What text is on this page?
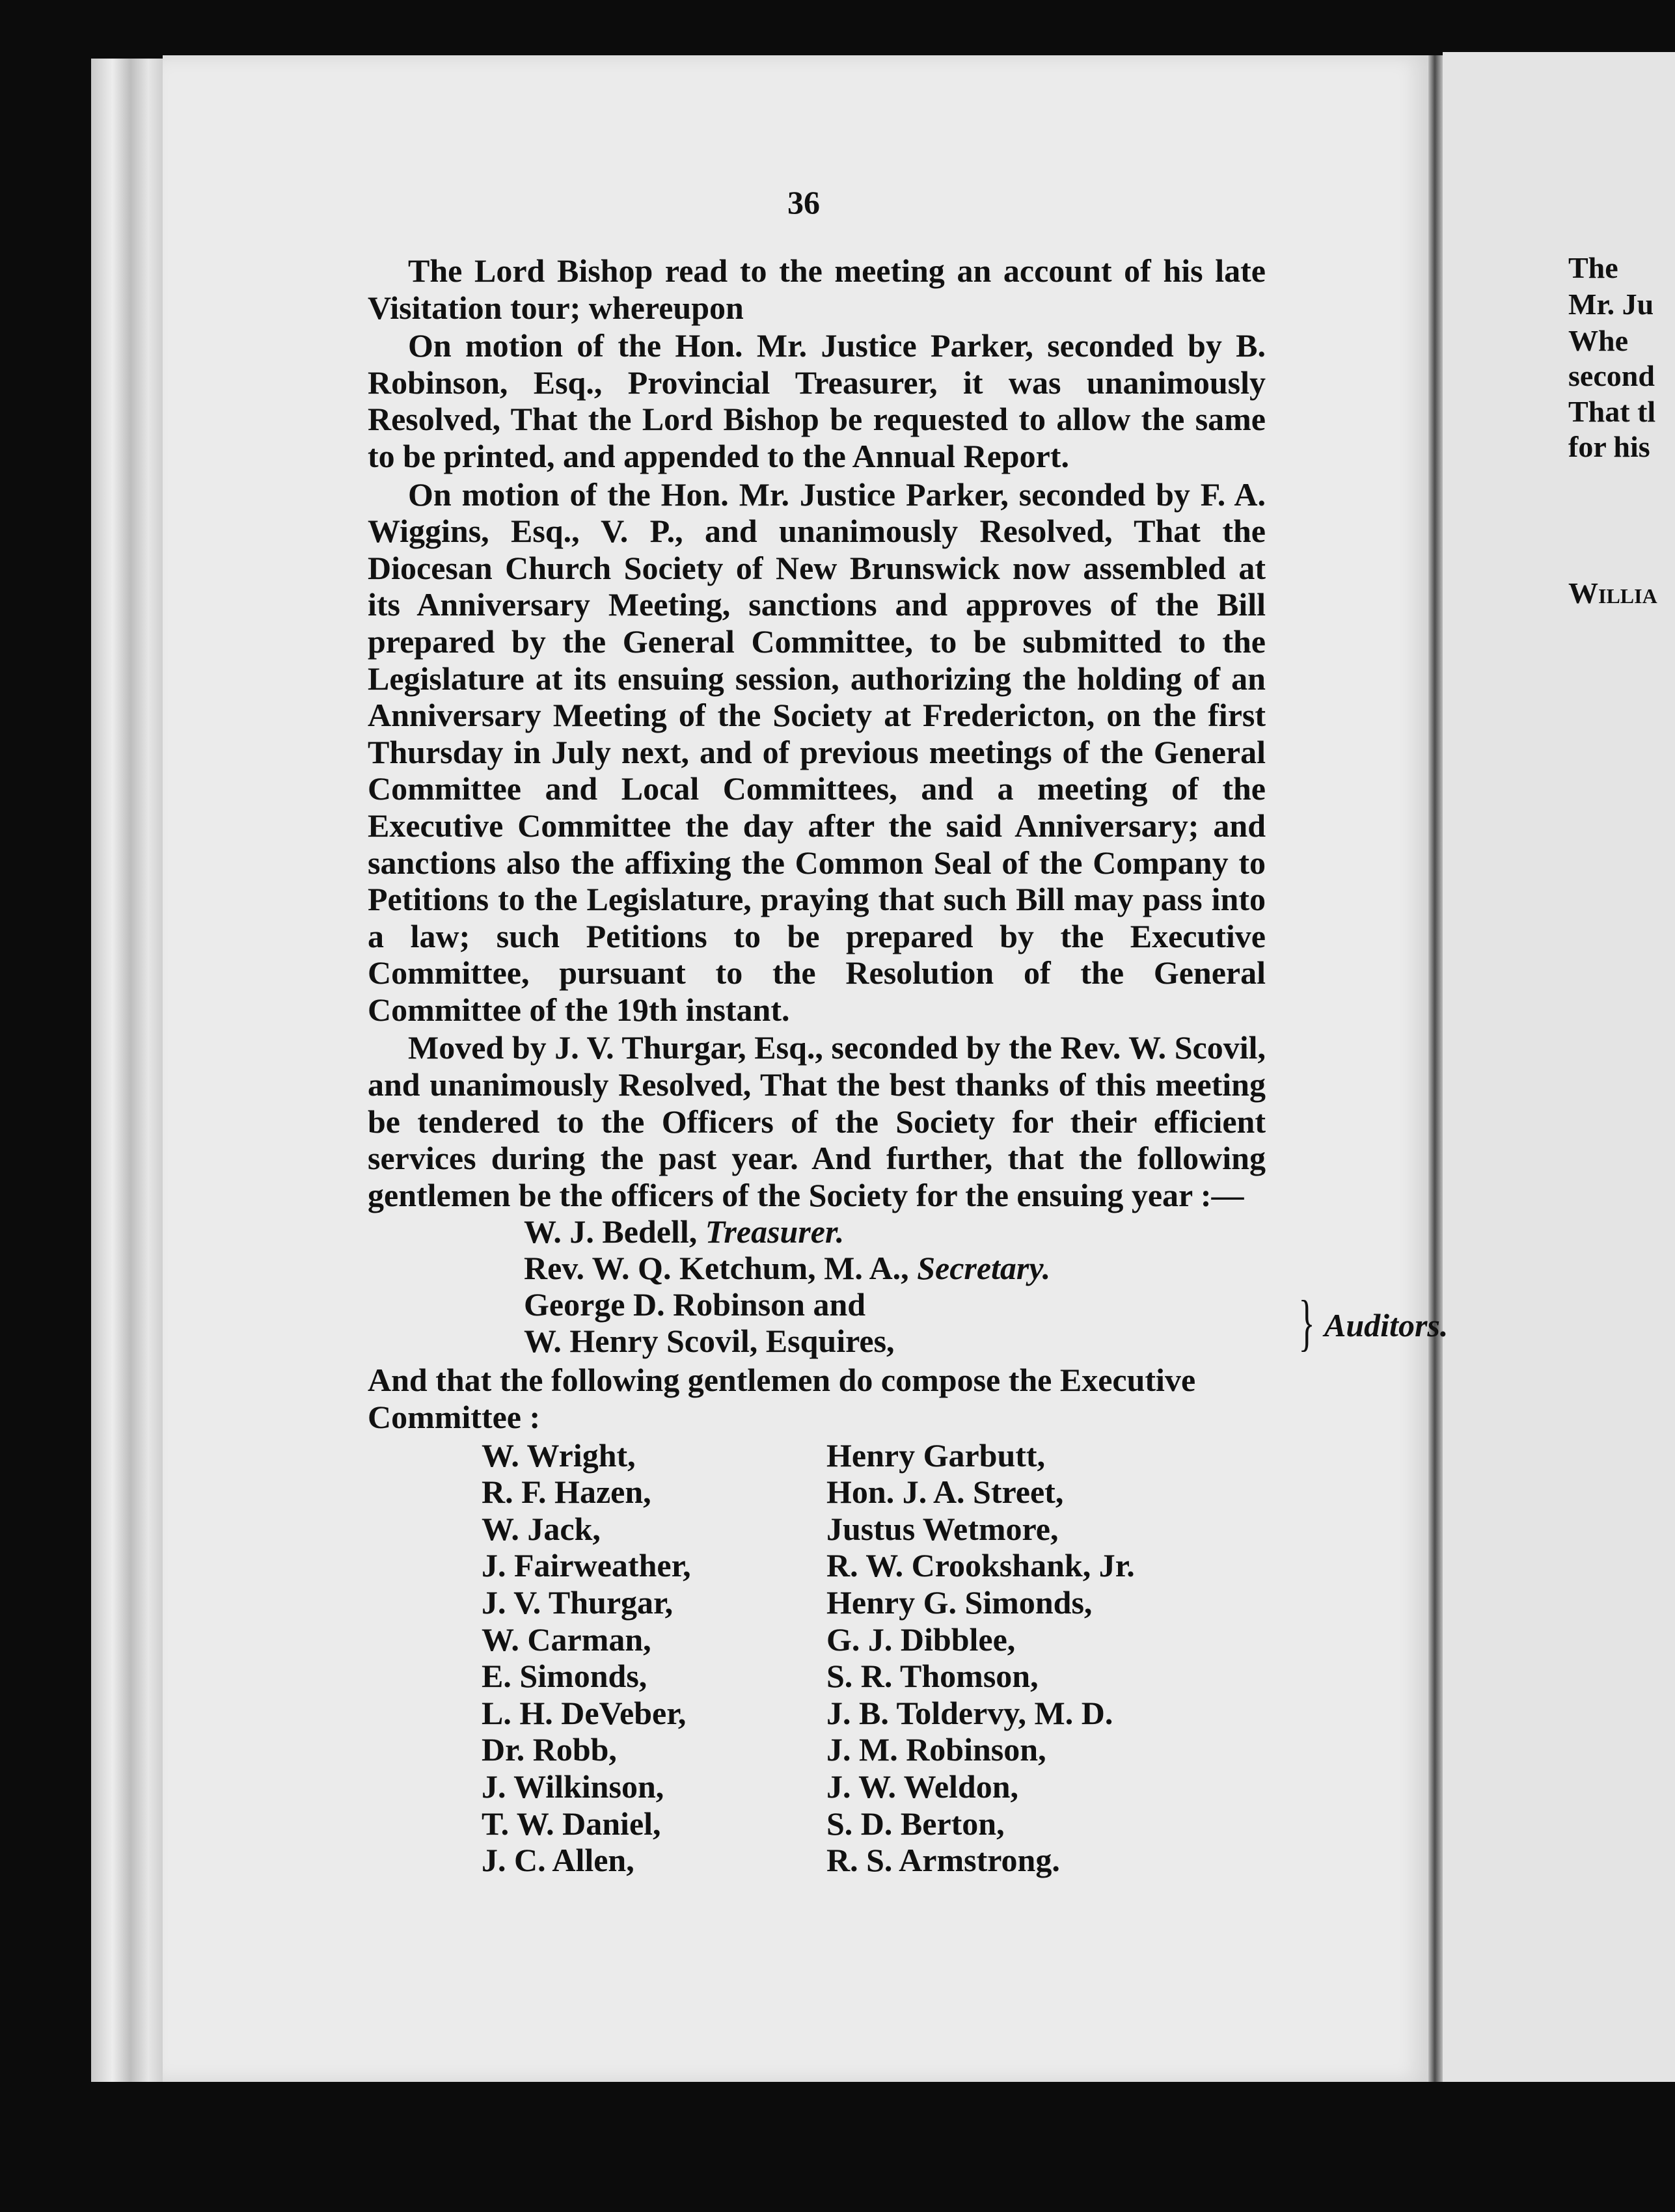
The
Mr. Ju
Whe
second
That tl
for his
Willia
36
The Lord Bishop read to the meeting an account of his late Visitation tour; whereupon
On motion of the Hon. Mr. Justice Parker, seconded by B. Robinson, Esq., Provincial Treasurer, it was unanimously Resolved, That the Lord Bishop be requested to allow the same to be printed, and appended to the Annual Report.
On motion of the Hon. Mr. Justice Parker, seconded by F. A. Wiggins, Esq., V. P., and unanimously Resolved, That the Diocesan Church Society of New Brunswick now assembled at its Anniversary Meeting, sanctions and approves of the Bill prepared by the General Committee, to be submitted to the Legislature at its ensuing session, authorizing the holding of an Anniversary Meeting of the Society at Fredericton, on the first Thursday in July next, and of previous meetings of the General Committee and Local Committees, and a meeting of the Executive Committee the day after the said Anniversary; and sanctions also the affixing the Common Seal of the Company to Petitions to the Legislature, praying that such Bill may pass into a law; such Petitions to be prepared by the Executive Committee, pursuant to the Resolution of the General Committee of the 19th instant.
Moved by J. V. Thurgar, Esq., seconded by the Rev. W. Scovil, and unanimously Resolved, That the best thanks of this meeting be tendered to the Officers of the Society for their efficient services during the past year. And further, that the following gentlemen be the officers of the Society for the ensuing year :—
W. J. Bedell, Treasurer.
Rev. W. Q. Ketchum, M. A., Secretary.
George D. Robinson and
W. Henry Scovil, Esquires,	} Auditors.
And that the following gentlemen do compose the Executive Committee :
W. Wright,	Henry Garbutt,
R. F. Hazen,	Hon. J. A. Street,
W. Jack,	Justus Wetmore,
J. Fairweather,	R. W. Crookshank, Jr.
J. V. Thurgar,	Henry G. Simonds,
W. Carman,	G. J. Dibblee,
E. Simonds,	S. R. Thomson,
L. H. DeVeber,	J. B. Toldervy, M. D.
Dr. Robb,	J. M. Robinson,
J. Wilkinson,	J. W. Weldon,
T. W. Daniel,	S. D. Berton,
J. C. Allen,	R. S. Armstrong.
